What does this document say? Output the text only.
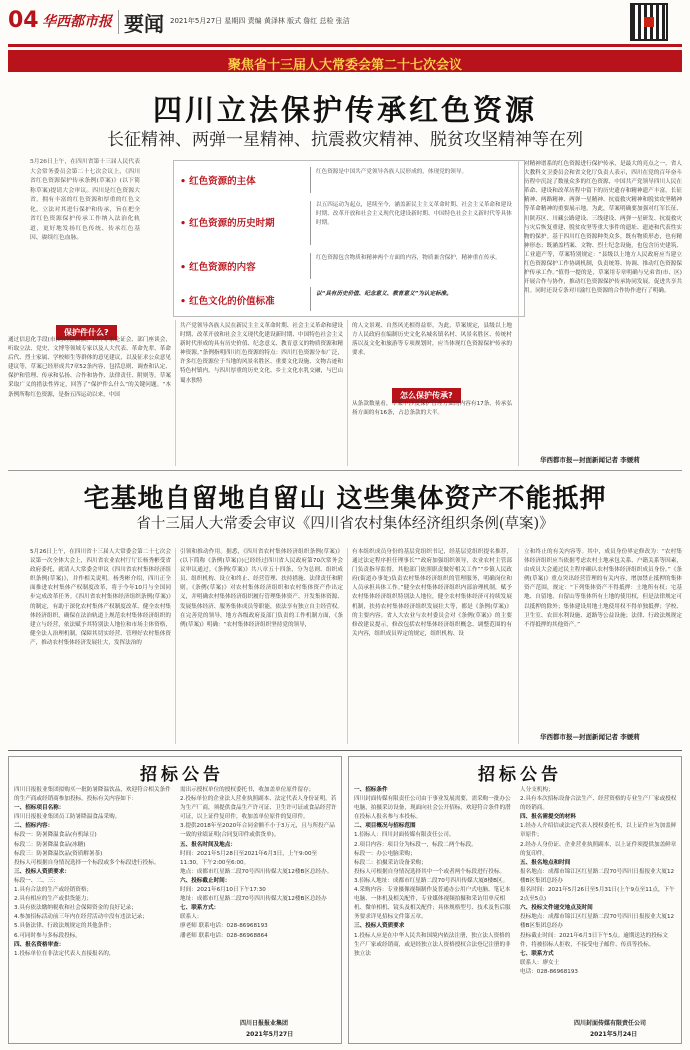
04 华西都市报 要闻 2021年5月27日 星期四 责编 黄泽林 版式 詹红 总检 张洁
聚焦省十三届人大常委会第二十七次会议
四川立法保护传承红色资源
长征精神、两弹一星精神、抗震救灾精神、脱贫攻坚精神等在列
5月26日上午，在四川省第十三届人民代表大会常务委员会第二十七次会议上，《四川省红色资源保护传承条例(草案)》(以下简称草案)提请大会审议。四川是红色资源大省，拥有丰富的红色资源和厚重的红色文化，立法对其进行保护和传承，旨在把全省红色资源保护传承工作纳入法治化轨道，更好地发扬红色传统、传承红色基因、赓续红色血脉。
• 红色资源的主体
红色资源是中国共产党领导各族人民形成的，体现党的领导。
• 红色资源的历史时期
以五四运动为起点，延续至今，涵盖新民主主义革命时期、社会主义革命和建设时期、改革开放和社会主义现代化建设新时期、中国特色社会主义新时代等具体时期。
• 红色资源的内容
红色资源包含物质和精神两个方面的内容，物质兼含保护，精神重在传承。
• 红色文化的价值标准
以“具有历史价值、纪念意义、教育意义”为认定标准。
保护件什么?
通过信息化手段(市)的经验做法，召开专家论证会、部门座谈会，听取立法、党史、文博等领域专家以及人大代表、革命先辈、革命后代、烈士家属、学校师生等群体的意见建议，以及征求公众意见建议等，草案已经形成共7章52条内容，包括总则、调查和认定、保护和管理、传承和弘扬、合作和协作、法律责任、附则等。草案采取广义的措法性界定，回答了“保护件么什么”的关键问题。“本条例所称红色资源，是指五四运动以来，中国
共产党领导各族人民在新民主主义革命时期、社会主义革命和建设时期、改革开放和社会主义现代化建设新时期、中国特色社会主义新时代形成的具有历史价值、纪念意义、教育意义的物质资源和精神资源。”条例指明四川红色资源的特点：四川红色资源分布广泛，许多红色资源位于当地的风景名胜区、重要文化设施、文物古迹和特色村镇内，与四川厚重的历史文化、乡土文化水乳交融，与巴山蜀水独特
的人文景观、自然风光相得益彰。为此，草案规定，县级以上地方人民政府在编制历史文化名城名镇名村、风景名胜区、传统村落以及文化和旅游等专项规划时，应当体现红色资源保护传承的要求。
怎么保护传承?
从条款数量看，草案中涉及保护管理方面的内容有17条，传承弘扬方面的有16条，占总条款的大半。
对精神谱系的红色资源进行保护传承，是最大的亮点之一。省人大教科文卫委员会和省文化厅负责人表示，四川在党的百年奋斗历程中沉淀了数量众多的红色资源，中国共产党领导四川人民在革命、建设和改革历程中留下的历史遗存和精神遗产丰富，长征精神、两路精神、两弹一星精神、抗震救灾精神和脱贫攻坚精神等革命精神的重要展示地。为此，草案明确要加强对红军长征、川陕苏区、川藏公路建设、三线建设、两弹一星研发、抗震救灾与灾后恢复重建、脱贫攻坚等重大事件的遗址、遗迹和代表性实物的保护。基于四川红色资源种类众多，既有物质形态，也有精神形态；既涵盖档案、文物、烈士纪念设施，也包含历史建筑、工业遗产等，草案特别规定：“县级以上地方人民政府应当建立红色资源保护工作协调机制，负责统筹、协调、推动红色资源保护传承工作。”值得一提的是，草案用专章明确与兄弟省(市、区)开展合作与协作，推动红色资源保护传承协同发展，促进共享共用。同时还设专条对川渝红色资源的合作协作进行了明确。
华西都市报—封面新闻记者 李媛莉
宅基地自留地自留山 这些集体资产不能抵押
省十三届人大常委会审议《四川省农村集体经济组织条例(草案)》
5月26日上午，在四川省十三届人大常委会第二十七次会议第一次全体大会上，四川省农业农村厅厅长杨秀彬受省政府委托，就请人大常委会审议《四川省农村集体经济组织条例(草案)》，并作相关说明。杨秀彬介绍，四川正全面推进农村集体产权制度改革，将于今年10月与全国同步完成改革任务。《四川省农村集体经济组织条例(草案)》的制定，有助于深化农村集体产权制度改革、健全农村集体经济组织，确保在法治轨道上规范农村集体经济组织的建立与经营，依法赋予其特别法人地位和市场主体资格，健全法人治理机制，保障其切实经营、管理好农村集体资产，推动农村集体经济发展壮大，发挥法治的
引领和推动作用。据悉，《四川省农村集体经济组织条例(草案)》(以下简称《条例(草案)》)已经经过四川省人民政府第70次常务会议审议通过。《条例(草案)》共八章五十四条，分为总则、组织成员、组织机构、设立和终止、经营管理、扶持措施、法律责任和附则。《条例(草案)》对农村集体经济组织和农村集体资产作出定义，并明确农村集体经济组织履行管理集体资产、开发集体资源、发展集体经济、服务集体成员等职能，依法享有独立自主经营权。在完善党的领导，地方各级政府及部门负责的工作机制方面，《条例(草案)》明确：“农村集体经济组织坚持党的领导，
有本组织成员身份的基层党组织书记，经基层党组织提名推荐，通过法定程序担任理事长”“政府加强组织领导，农业农村主管部门负责指导监督，其他部门依照职责做好相关工作”“乡镇人民政府(街道办事处)负责农村集体经济组织的管理服务，明确岗位和人员承担具体工作。”健全农村集体经济组织内部治理机制，赋予农村集体经济组织特别法人地位，健全农村集体经济可持续发展机制，扶持农村集体经济组织发展壮大等，都是《条例(草案)》的主要内容。省人大农业与农村委员会对《条例(草案)》的主要修改建议提示，修改包括农村集体经济组织概念、调整范围的有关内容，组织成员界定的规定，组织机构、设
立和终止的有关内容等。其中，成员身份界定修改为：“农村集体经济组织应当依据考虑农村土地承包关系、户籍关系等因素，由成员大会通过民主程序确认农村集体经济组织成员身份。”《条例(草案)》重点突出经营管理的有关内容，增加禁止抵押的集体资产范围，规定：“下列集体资产不得抵押：土地所有权；宅基地、自留地、自留山等集体所有土地的使用权，但是法律规定可以抵押的除外；集体建设用地土地使用权不得单独抵押；学校、卫生室、农田水利设施、道路等公益设施；法律、行政法规规定不得抵押的其他资产。”
华西都市报—封面新闻记者 李媛莉
招标公告
四川日报报业集团拟购买一批防暑降温饮品，欢迎符合相关条件的生产商或经销商参加投标，投标有关内容如下：
一、招标项目名称：
四川日报报业集团员工防暑降温食品采购。
二、招标内容：
标段一：防暑降温食品(有机绿豆)
标段二：防暑降温食品(冰糖)
标段三：防暑降温饮品(资质解暑茶)
投标人可根据自身情况选择一个标段或多个标段进行投标。
三、投标人资质要求：
标段一、二、三：
1.具有合法的生产或经销资格；
2.具有相应的生产或供货能力；
3.具有依法缴纳税收和社会保障资金的良好记录；
4.参加招标活动前三年内在经营活动中没有违法记录；
5.具备法律、行政法规规定的其他条件；
6.可同时参与多标段投标。
四、报名资格审查：
1.投标单位在非法定代表人直接报名的，
需出示授权单位的授权委托书，收加盖单位原件留存；
2.投标单位的企业法人营业执照副本、法定代表人身份证明，若为生产厂商，须提供食品生产许可证、卫生许可证或食品经营许可证，以上证件复印件，收加盖单位原件的复印件。
3.提供2018年至2020年合同金额不小于3万元，且与所投产品一致的业绩证明(合同复印件或供货单)。
五、报名时间及地点：
时间：2021年5月28日至2021年6月3日，上午9:00至11:30，下午2:00至6:00。
地点：成都市红星路二段70号四川传媒大厦12楼B区总经办。
六、投标截止时间：
时间：2021年6月10日下午17:30
地址：成都市红星路二段70号四川传媒大厦12楼B区总经办
七、联系方式：
联系人：
廖老师 联系电话：028-86968193
潘老师 联系电话：028-86968864
四川日报报业集团
2021年5月27日
招标公告
一、招标条件
四川封面传媒有限责任公司由于事业发展需要，需采购一批办公电脑，拍摄采访设备，现面向社会公开招标，欢迎符合条件的潜在投标人报名参与本投标。
二、项目概况与招标范围
1.招标人：四川封面传媒有限责任公司。
2.项目内容：项目分为标段一，标段二两个标段。
标段一：办公电脑采购；
标段二：拍摄采访设备采购；
投标人可根据自身情况选择其中一个或者两个标段进行投标。
3.招标人地址：成都市红星路二段70号四川传媒大厦8楼B区。
4.采购内容：专业摄像视频制作及普通办公用户式电脑、笔记本电脑、一体机及相关配件，专业媒体视频拍摄和采访用单反相机、微单相机、镜头及相关配件；具体规格型号、技术及售后服务要求详见招标文件第五章。
三、投标人资质要求
1.投标人应是在中华人民共和国境内依法注册，独立法人资格的生产厂家或经销商，或是经独立法人资格授权合法登记注册的非独立法
人分支机构；
2.具有本次招标设备合法生产、经营资格的专业生产厂家或授权的经销商。
四、报名需提交的材料
1.经办人介绍信或法定代表人授权委托书，以上证件应为加盖鲜章原件；
2.经办人身份证、企业营业执照副本，以上证件须提供加盖鲜章的复印件。
五、报名地点和时间
报名地点：成都市锦江区红星路二段70号四川日报报业大厦12楼B区集团总经办
报名时间：2021年5月26日至5月31日(上午9点至11点，下午2点至5点)
六、投标文件递交地点及时间
投标地点：成都市锦江区红星路二段70号四川日报报业大厦12楼B区集团总经办
投标截止时间：2021年6月3日下午5点。逾期送达的投标文件，将被招标人拒收，不接受电子邮件、传真等投标。
七、联系方式
联系人：廖女士
电话：028-86968193
四川封面传媒有限责任公司
2021年5月24日
